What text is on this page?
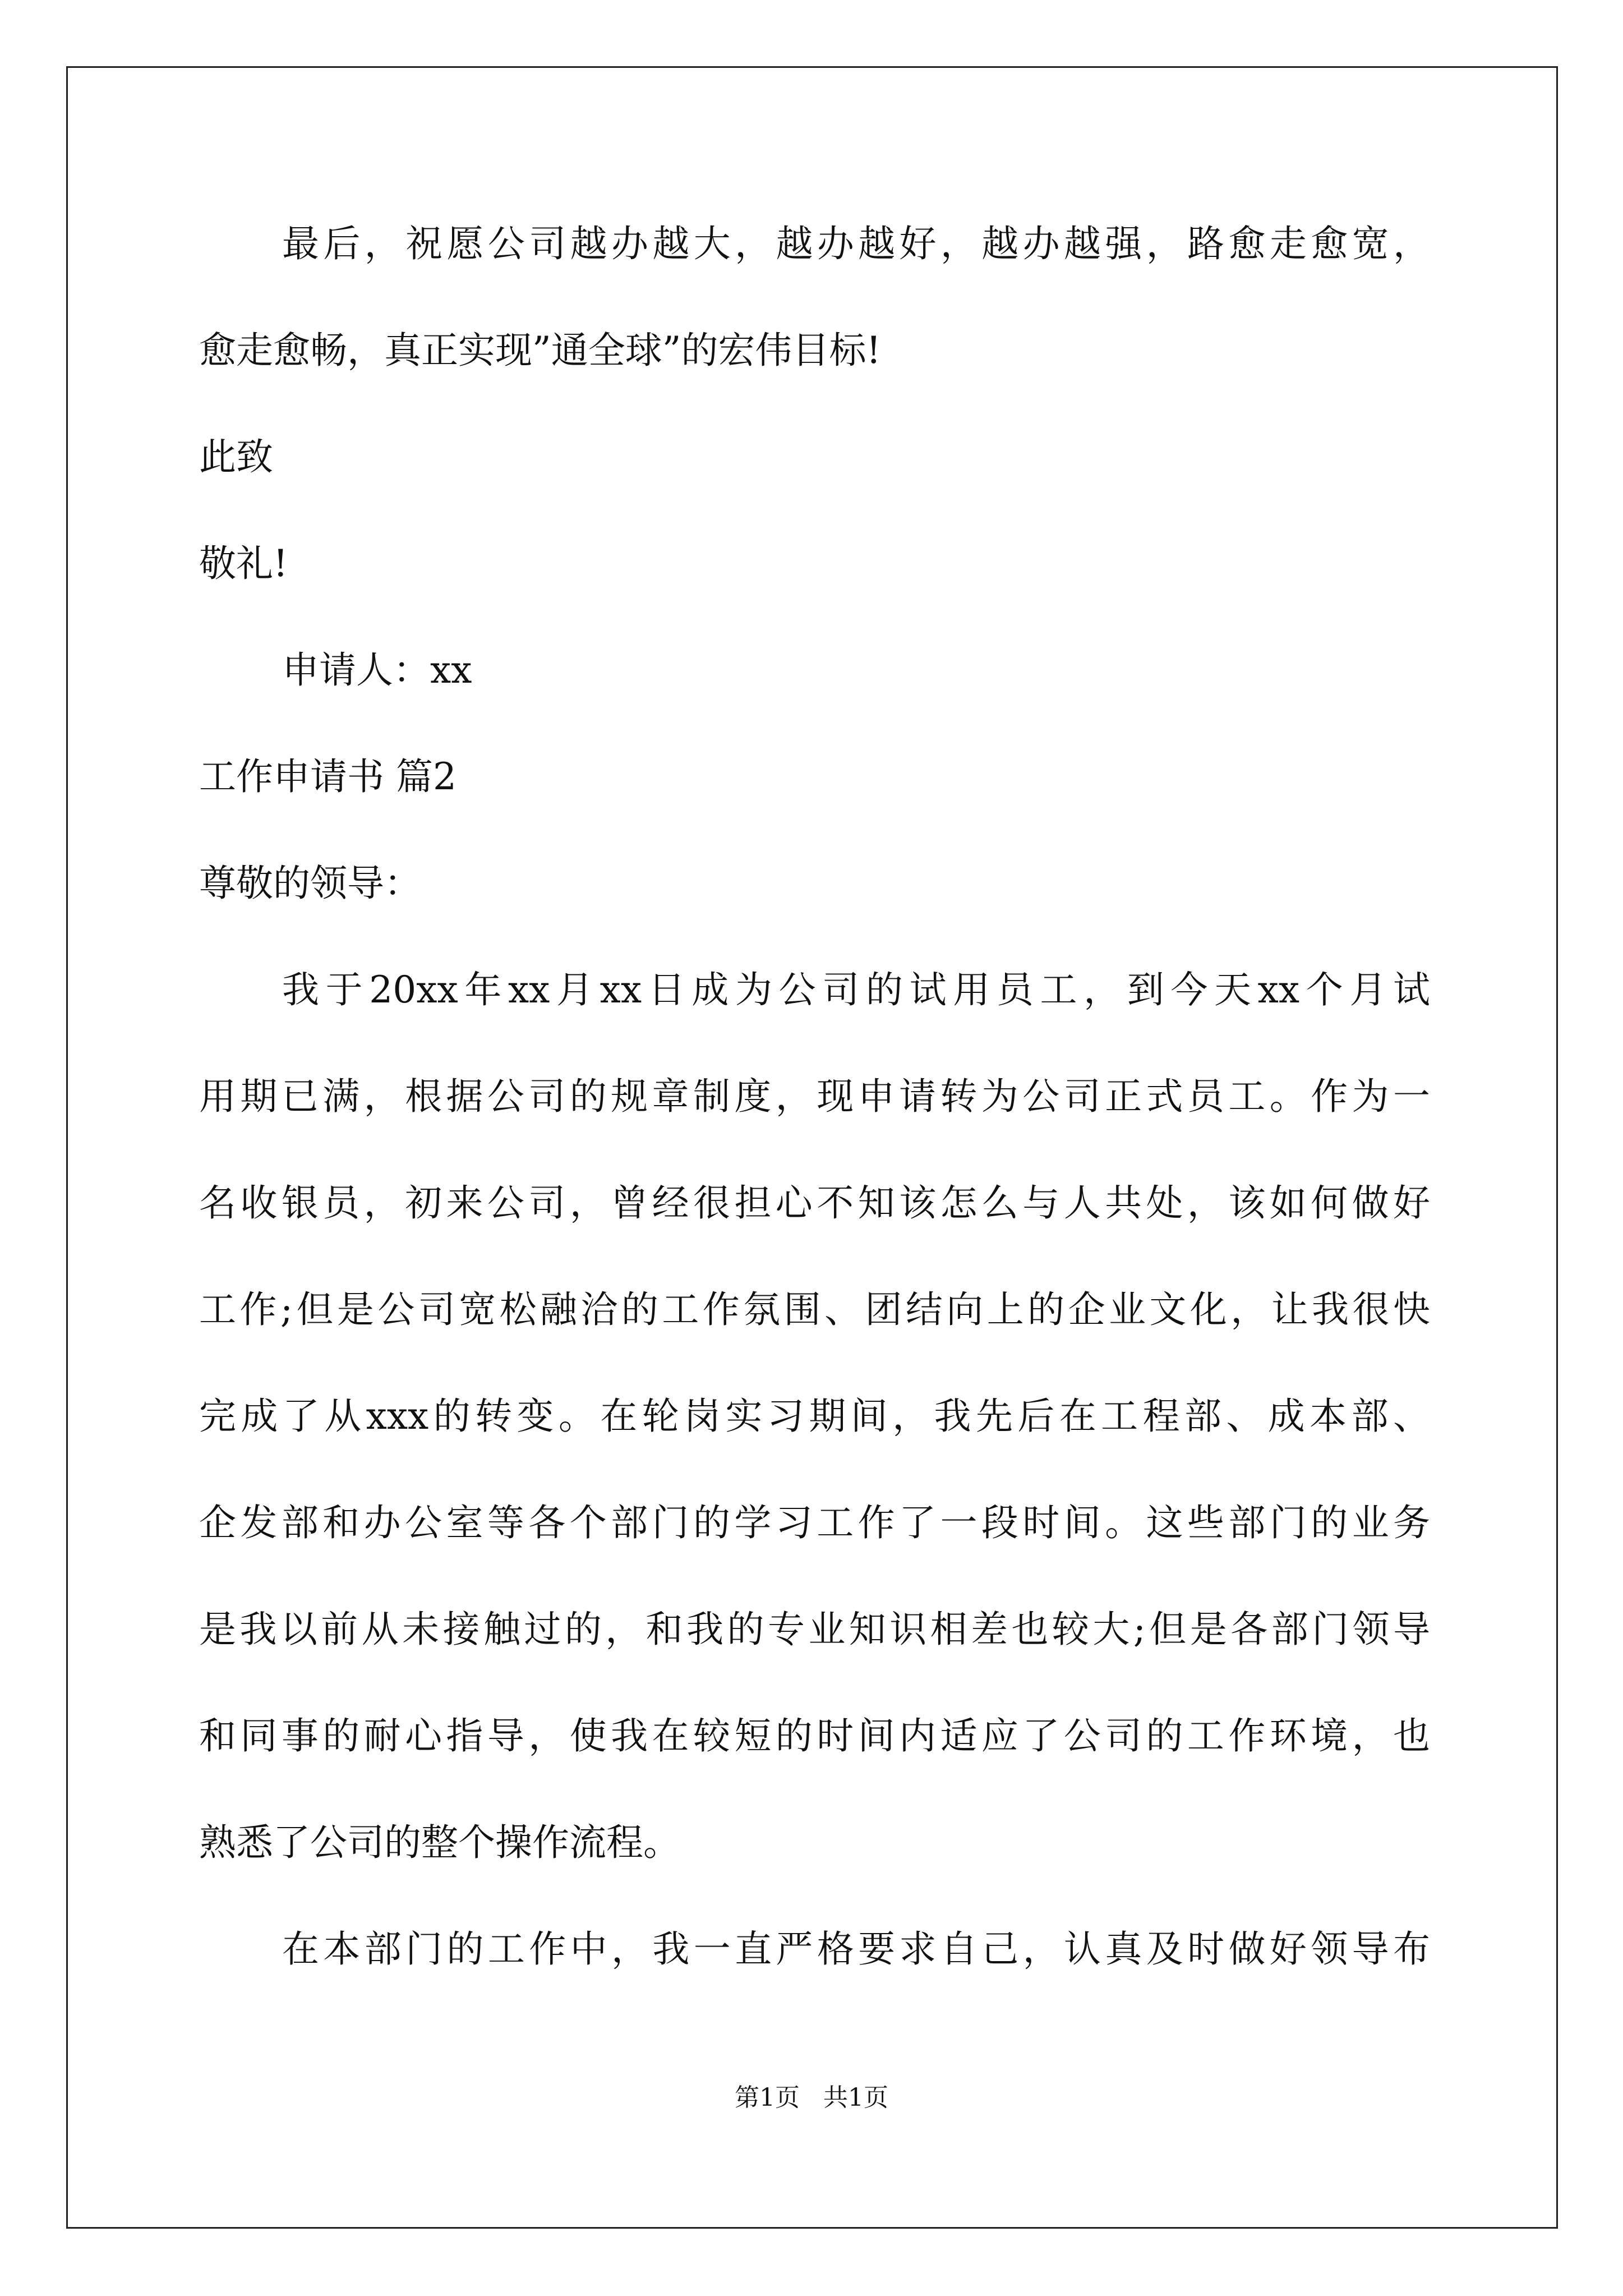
最后，祝愿公司越办越大，越办越好，越办越强，路愈走愈宽，
愈走愈畅，真正实现”通全球”的宏伟目标!
此致
敬礼!
申请人：xx
工作申请书 篇2
尊敬的领导：
我于20xx年xx月xx日成为公司的试用员工，到今天xx个月试
用期已满，根据公司的规章制度，现申请转为公司正式员工。作为一
名收银员，初来公司，曾经很担心不知该怎么与人共处，该如何做好
工作;但是公司宽松融洽的工作氛围、团结向上的企业文化，让我很快
完成了从xxx的转变。在轮岗实习期间，我先后在工程部、成本部、
企发部和办公室等各个部门的学习工作了一段时间。这些部门的业务
是我以前从未接触过的，和我的专业知识相差也较大;但是各部门领导
和同事的耐心指导，使我在较短的时间内适应了公司的工作环境，也
熟悉了公司的整个操作流程。
在本部门的工作中，我一直严格要求自己，认真及时做好领导布
第1页   共1页
